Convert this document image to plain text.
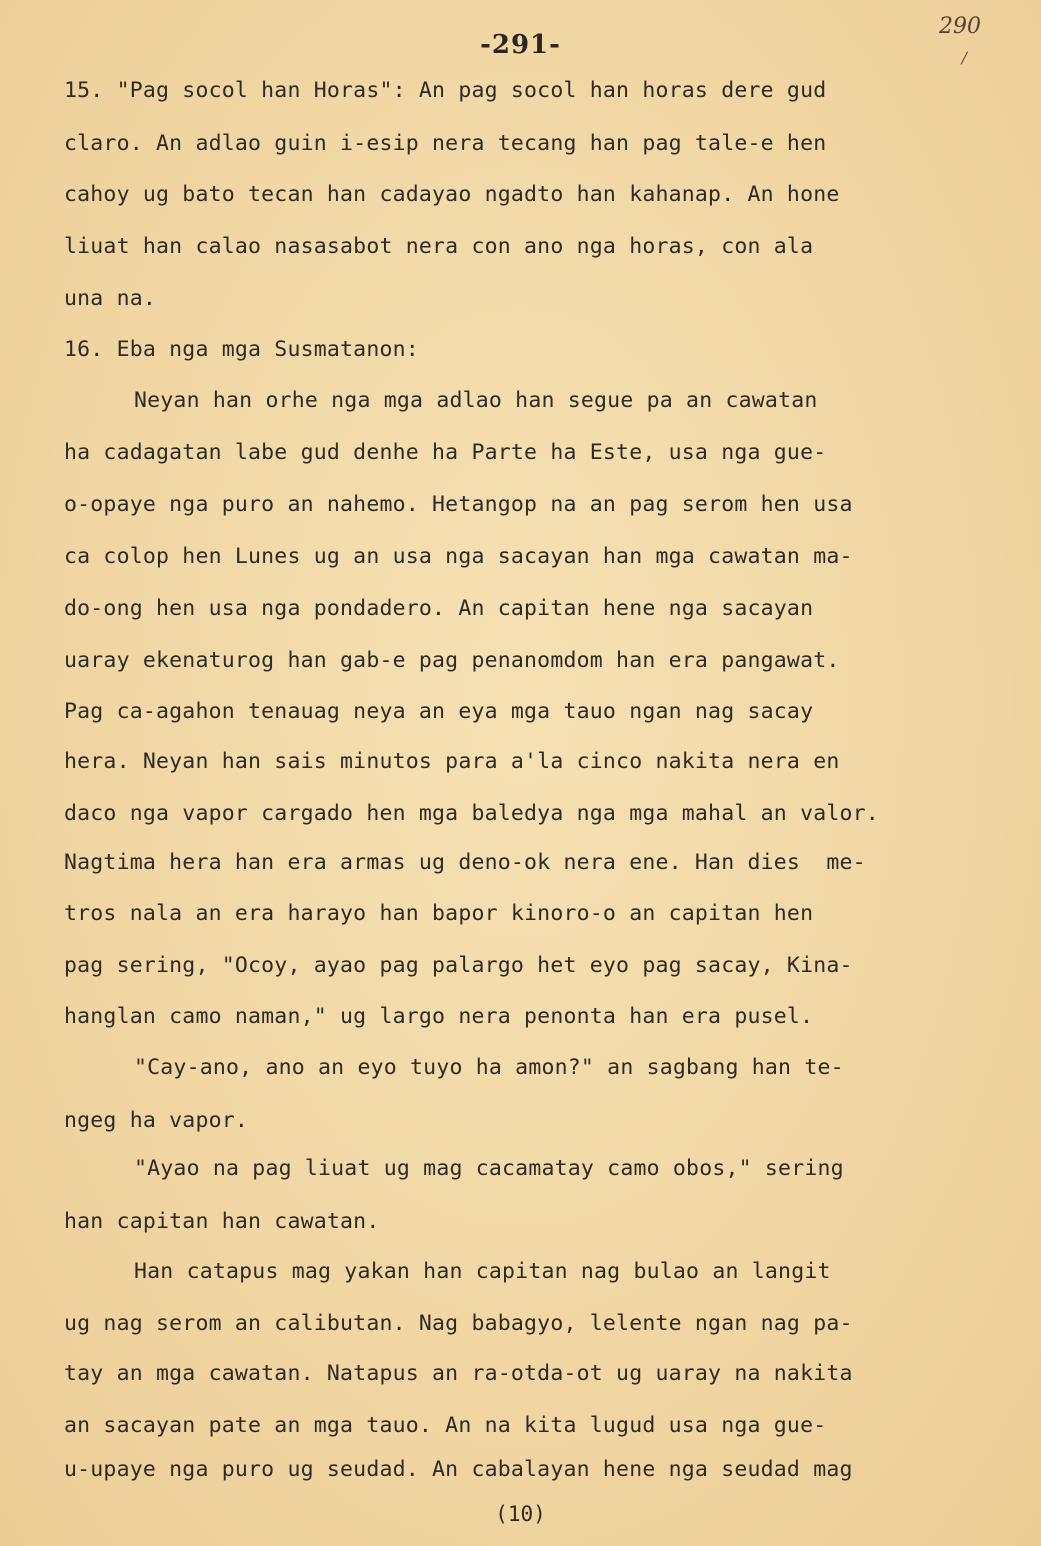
-291-
290
/
15. "Pag socol han Horas": An pag socol han horas dere gud
claro. An adlao guin i-esip nera tecang han pag tale-e hen
cahoy ug bato tecan han cadayao ngadto han kahanap. An hone
liuat han calao nasasabot nera con ano nga horas, con ala
una na.
16. Eba nga mga Susmatanon:
Neyan han orhe nga mga adlao han segue pa an cawatan
ha cadagatan labe gud denhe ha Parte ha Este, usa nga gue-
o-opaye nga puro an nahemo. Hetangop na an pag serom hen usa
ca colop hen Lunes ug an usa nga sacayan han mga cawatan ma-
do-ong hen usa nga pondadero. An capitan hene nga sacayan
uaray ekenaturog han gab-e pag penanomdom han era pangawat.
Pag ca-agahon tenauag neya an eya mga tauo ngan nag sacay
hera. Neyan han sais minutos para a'la cinco nakita nera en
daco nga vapor cargado hen mga baledya nga mga mahal an valor.
Nagtima hera han era armas ug deno-ok nera ene. Han dies  me-
tros nala an era harayo han bapor kinoro-o an capitan hen
pag sering, "Ocoy, ayao pag palargo het eyo pag sacay, Kina-
hanglan camo naman," ug largo nera penonta han era pusel.
"Cay-ano, ano an eyo tuyo ha amon?" an sagbang han te-
ngeg ha vapor.
"Ayao na pag liuat ug mag cacamatay camo obos," sering
han capitan han cawatan.
Han catapus mag yakan han capitan nag bulao an langit
ug nag serom an calibutan. Nag babagyo, lelente ngan nag pa-
tay an mga cawatan. Natapus an ra-otda-ot ug uaray na nakita
an sacayan pate an mga tauo. An na kita lugud usa nga gue-
u-upaye nga puro ug seudad. An cabalayan hene nga seudad mag
(10)
